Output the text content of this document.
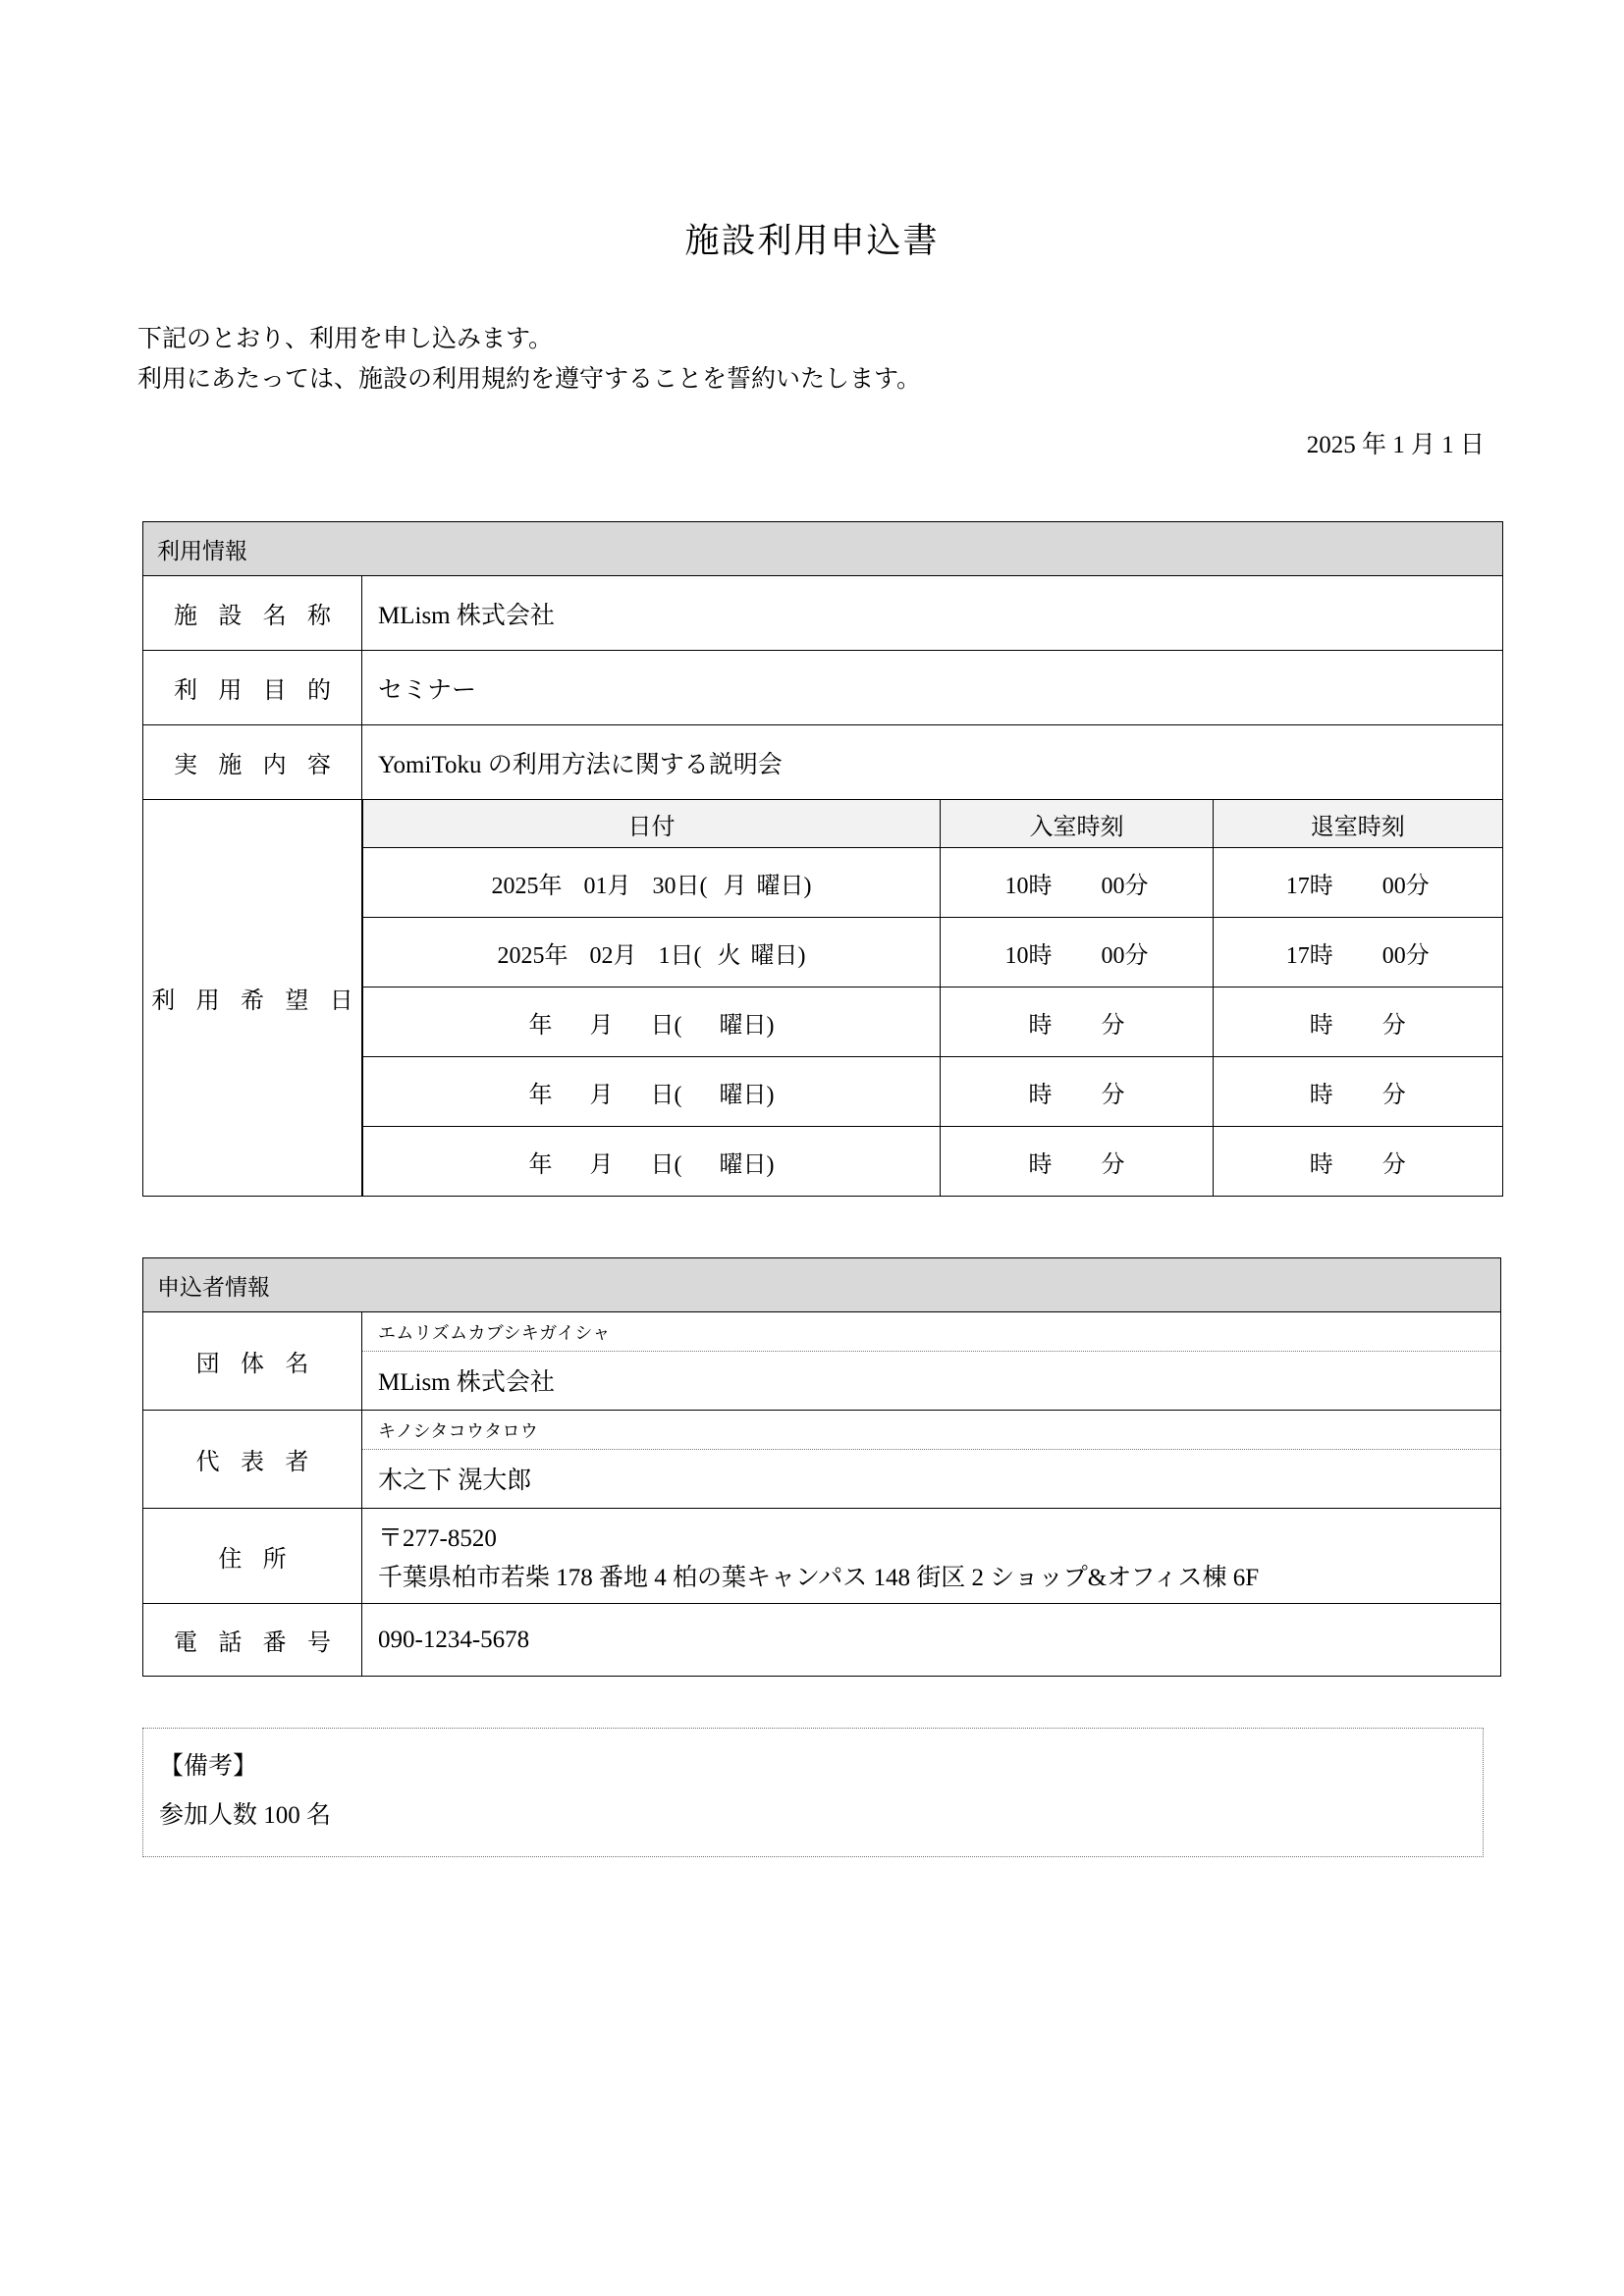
施設利用申込書

下記のとおり、利用を申し込みます。

利用にあたっては、施設の利用規約を遵守することを誓約いたします。

2025 年 1 月 1 日
利用情報
施 設 名 称	MLism 株式会社
利 用 目 的	セミナー
実 施 内 容	YomiToku の利用方法に関する説明会
利 用 希 望 日	
日付	入室時刻	退室時刻
2025年 01月 30日( 月 曜日)	10時 00分	17時 00分
2025年 02月 1日( 火 曜日)	10時 00分	17時 00分
年 月 日( 曜日)	時 分	時 分
年 月 日( 曜日)	時 分	時 分
年 月 日( 曜日)	時 分	時 分
申込者情報	
団 体 名	エムリズムカブシキガイシャ
MLism 株式会社

代 表 者	キノシタコウタロウ
木之下 滉大郎

住 所	〒277-8520
千葉県柏市若柴 178 番地 4 柏の葉キャンパス 148 街区 2 ショップ&オフィス棟 6F

電 話 番 号	090-1234-5678
【備考】
参加人数 100 名
